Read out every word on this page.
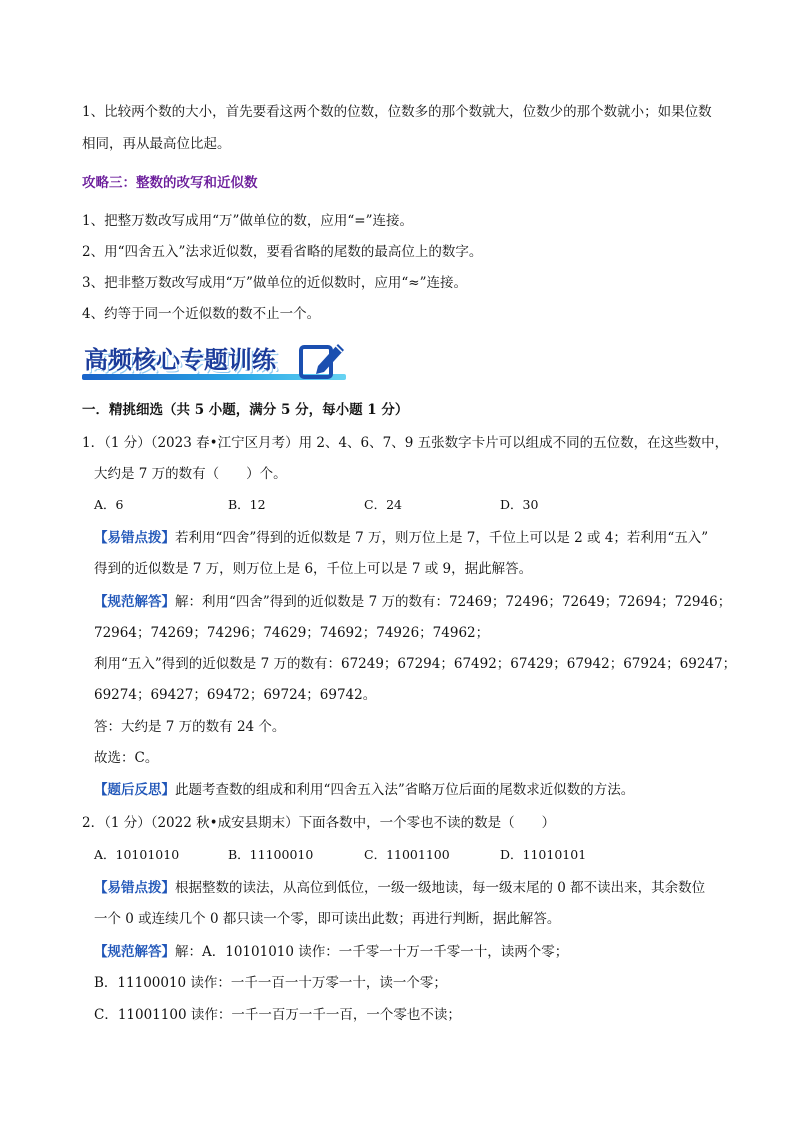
1、比较两个数的大小，首先要看这两个数的位数，位数多的那个数就大，位数少的那个数就小；如果位数
相同，再从最高位比起。
攻略三：整数的改写和近似数
1、把整万数改写成用“万”做单位的数，应用“=”连接。
2、用“四舍五入”法求近似数，要看省略的尾数的最高位上的数字。
3、把非整万数改写成用“万”做单位的近似数时，应用“≈”连接。
4、约等于同一个近似数的数不止一个。
高频核心专题训练
一．精挑细选（共 5 小题，满分 5 分，每小题 1 分）
1．（1 分）（2023 春•江宁区月考）用 2、4、6、7、9 五张数字卡片可以组成不同的五位数，在这些数中，
大约是 7 万的数有（　　）个。
A．6	B．12	C．24	D．30
【易错点拨】若利用“四舍”得到的近似数是 7 万，则万位上是 7，千位上可以是 2 或 4；若利用“五入”
得到的近似数是 7 万，则万位上是 6，千位上可以是 7 或 9，据此解答。
【规范解答】解：利用“四舍”得到的近似数是 7 万的数有：72469；72496；72649；72694；72946；
72964；74269；74296；74629；74692；74926；74962；
利用“五入”得到的近似数是 7 万的数有：67249；67294；67492；67429；67942；67924；69247；
69274；69427；69472；69724；69742。
答：大约是 7 万的数有 24 个。
故选：C。
【题后反思】此题考查数的组成和利用“四舍五入法”省略万位后面的尾数求近似数的方法。
2．（1 分）（2022 秋•成安县期末）下面各数中，一个零也不读的数是（　　）
A．10101010	B．11100010	C．11001100	D．11010101
【易错点拨】根据整数的读法，从高位到低位，一级一级地读，每一级末尾的 0 都不读出来，其余数位
一个 0 或连续几个 0 都只读一个零，即可读出此数；再进行判断，据此解答。
【规范解答】解：A．10101010 读作：一千零一十万一千零一十，读两个零；
B．11100010 读作：一千一百一十万零一十，读一个零；
C．11001100 读作：一千一百万一千一百，一个零也不读；
